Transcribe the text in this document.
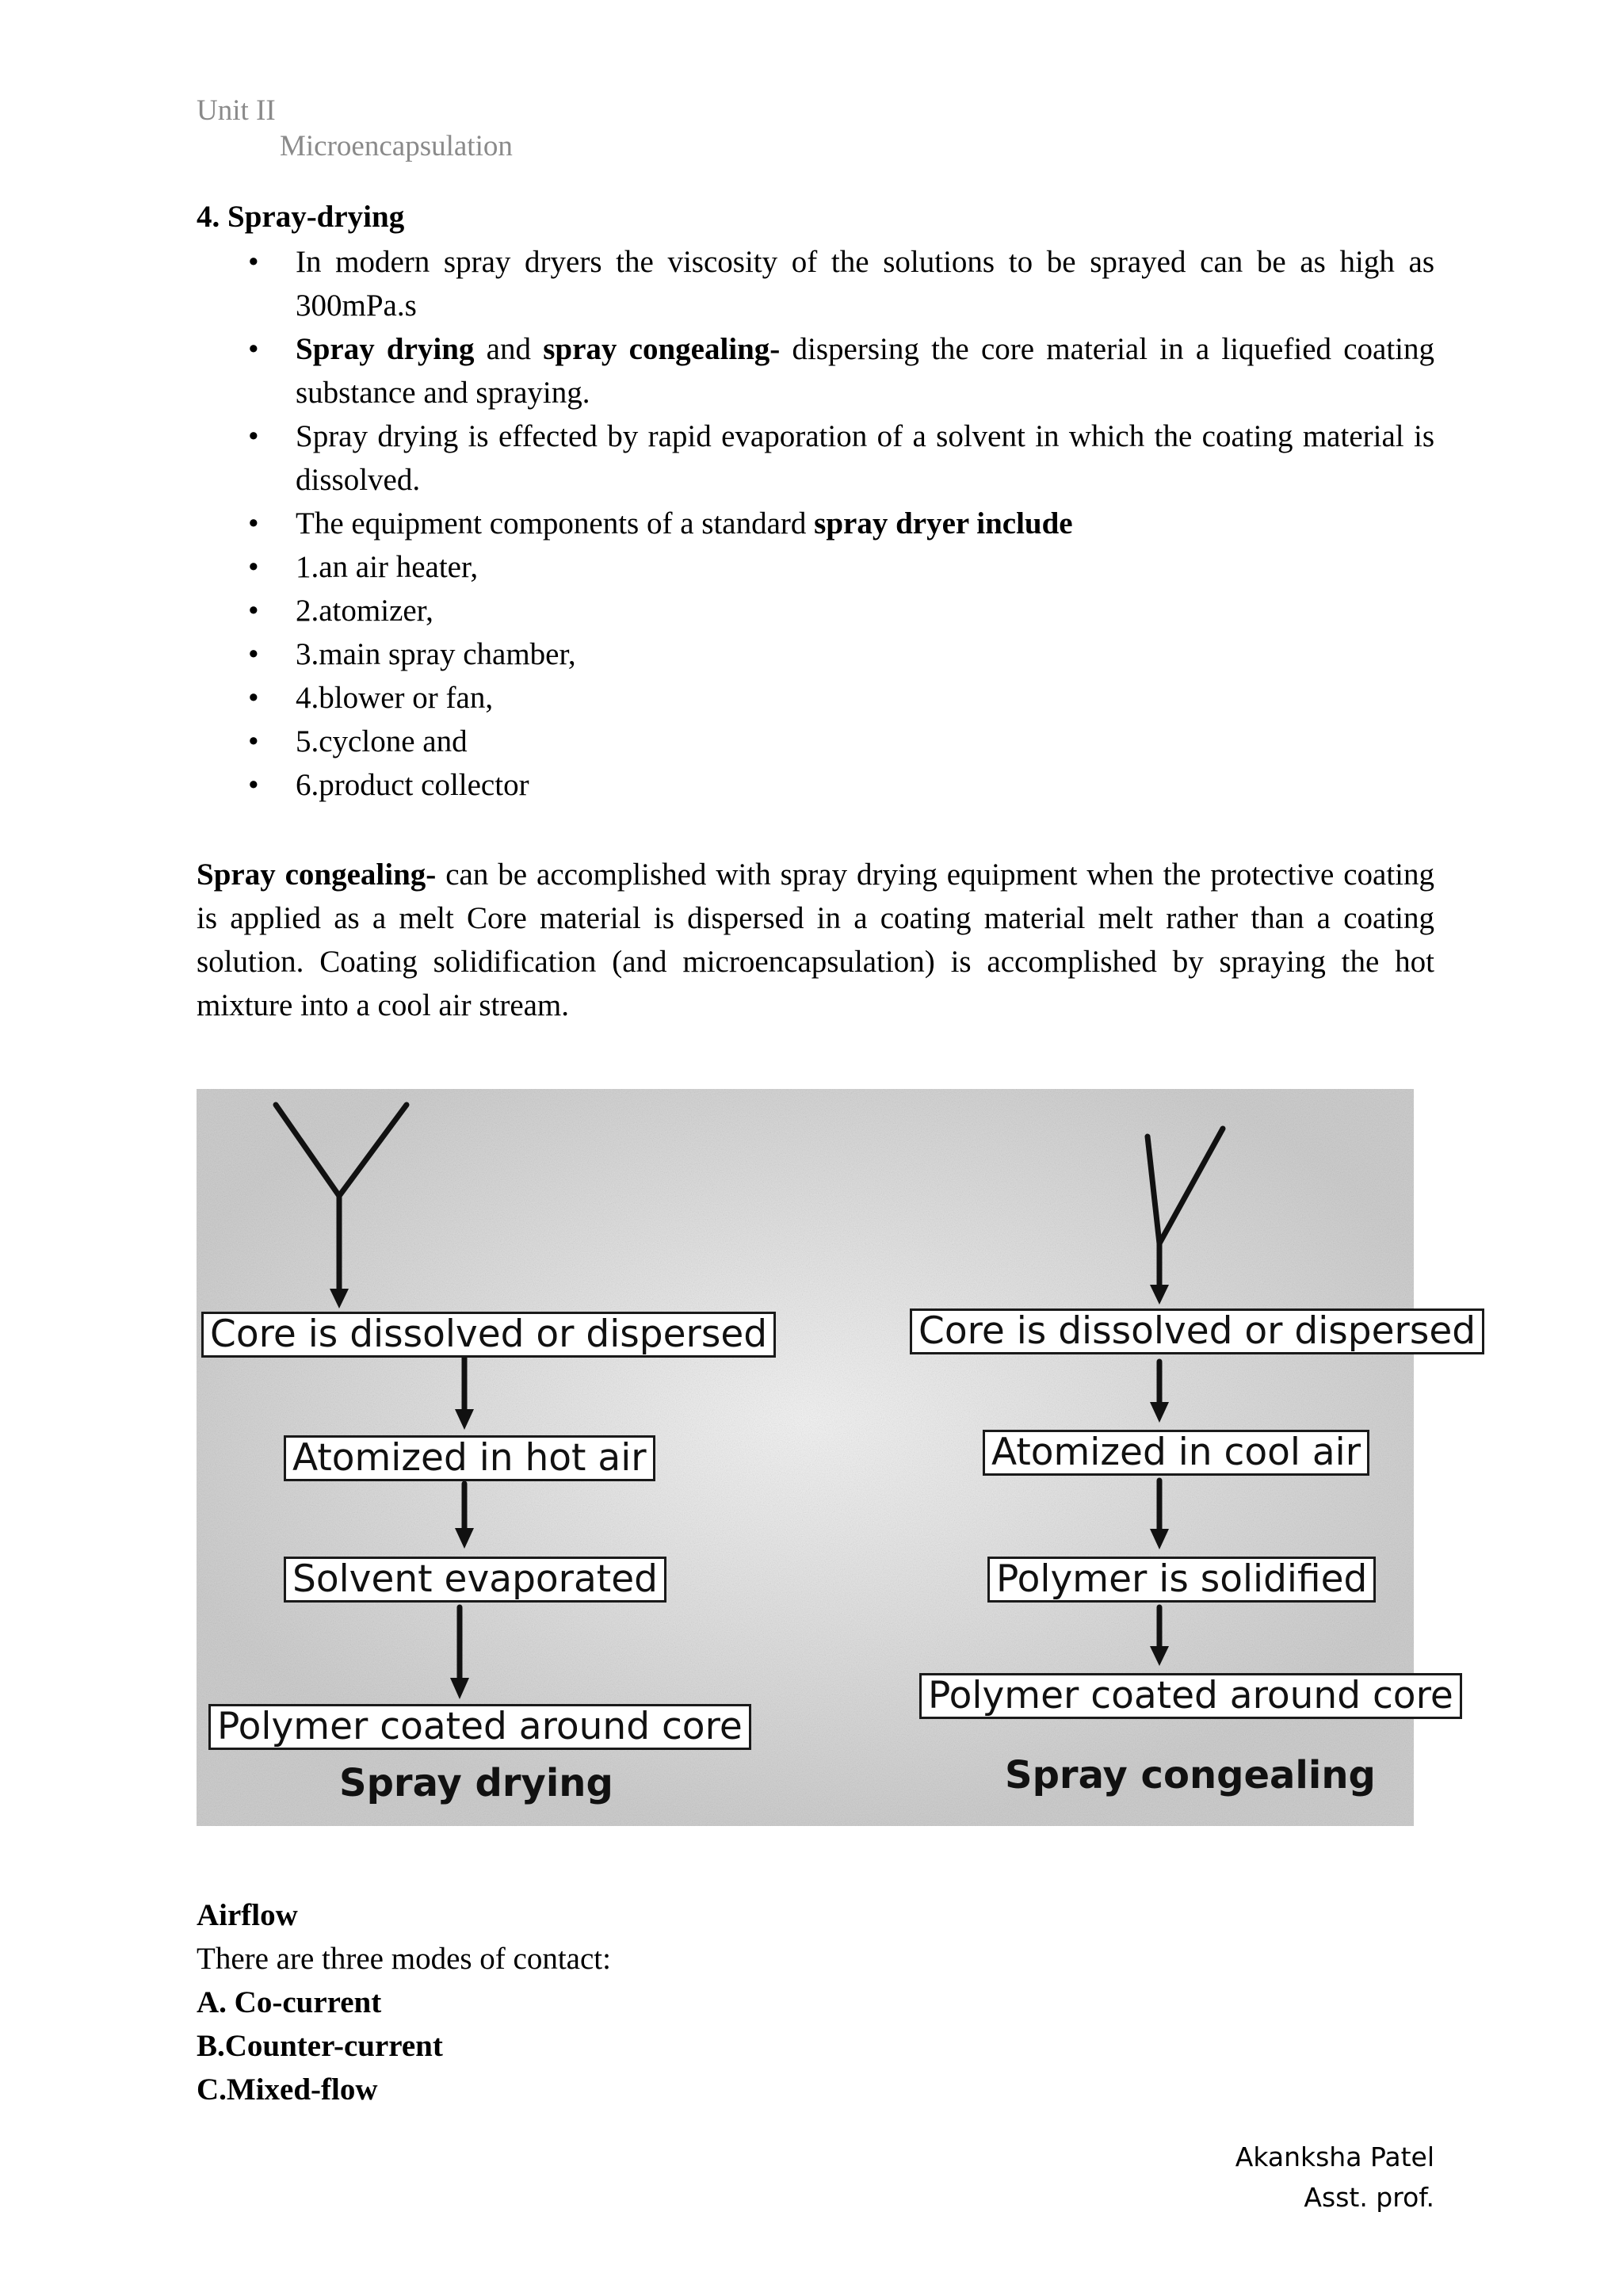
Unit II
Microencapsulation

4. Spray-drying

• In modern spray dryers the viscosity of the solutions to be sprayed can be as high as 300mPa.s
• Spray drying and spray congealing- dispersing the core material in a liquefied coating substance and spraying.
• Spray drying is effected by rapid evaporation of a solvent in which the coating material is dissolved.
• The equipment components of a standard spray dryer include
• 1.an air heater,
• 2.atomizer,
• 3.main spray chamber,
• 4.blower or fan,
• 5.cyclone and
• 6.product collector

Spray congealing- can be accomplished with spray drying equipment when the protective coating is applied as a melt Core material is dispersed in a coating material melt rather than a coating solution. Coating solidification (and microencapsulation) is accomplished by spraying the hot mixture into a cool air stream.

Core is dissolved or dispersed
Atomized in hot air
Solvent evaporated
Polymer coated around core
Spray drying
Core is dissolved or dispersed
Atomized in cool air
Polymer is solidified
Polymer coated around core
Spray congealing
Airflow
There are three modes of contact:
A. Co-current
B.Counter-current
C.Mixed-flow
Akanksha Patel
Asst. prof.
